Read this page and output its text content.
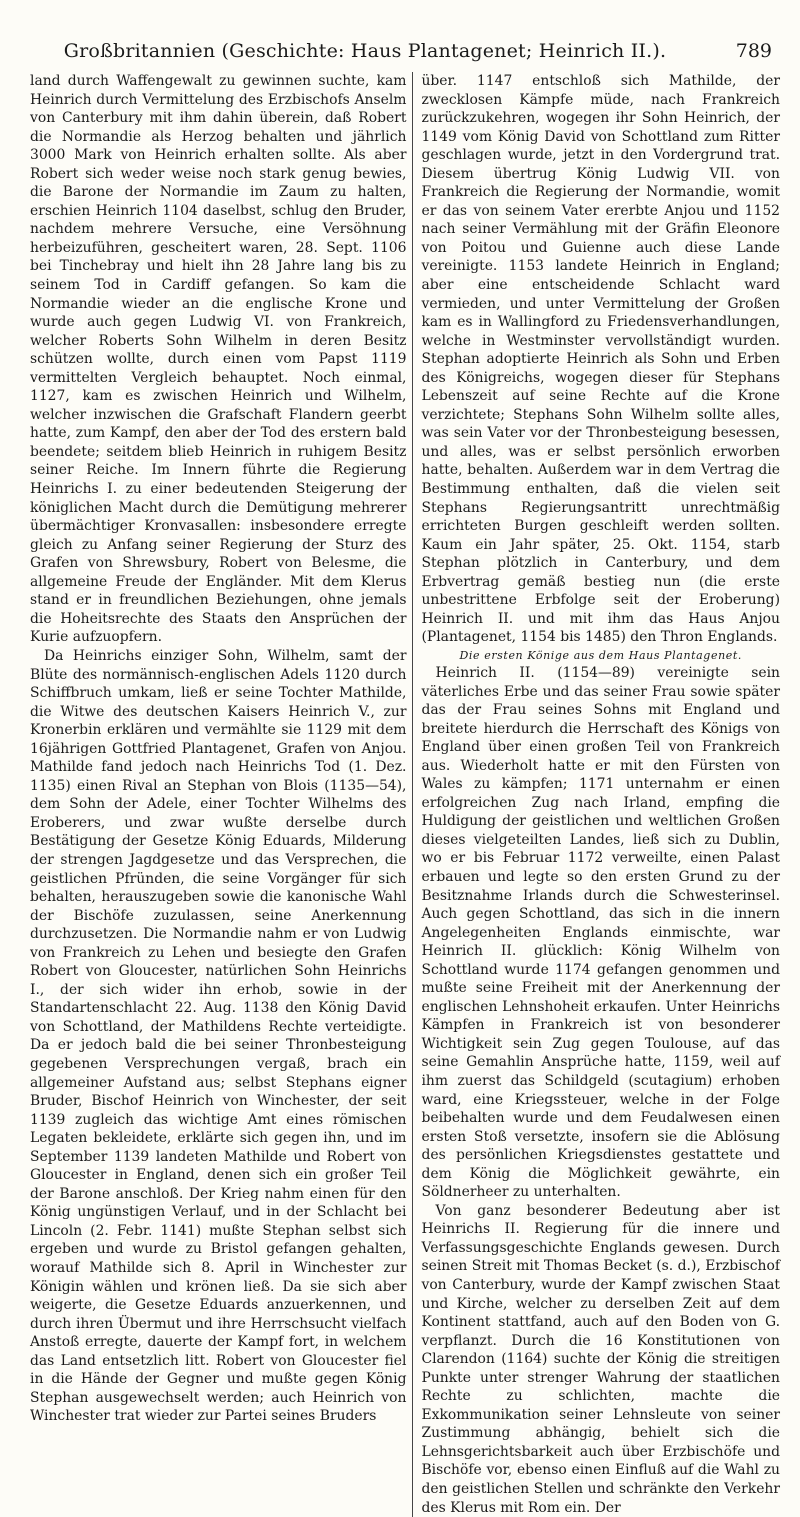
Großbritannien (Geschichte: Haus Plantagenet; Heinrich II.).	789

land durch Waffengewalt zu gewinnen suchte, kam Heinrich durch Vermittelung des Erzbischofs Anselm von Canterbury mit ihm dahin überein, daß Robert die Normandie als Herzog behalten und jährlich 3000 Mark von Heinrich erhalten sollte. Als aber Robert sich weder weise noch stark genug bewies, die Barone der Normandie im Zaum zu halten, erschien Heinrich 1104 daselbst, schlug den Bruder, nachdem mehrere Versuche, eine Versöhnung herbeizuführen, gescheitert waren, 28. Sept. 1106 bei Tinchebray und hielt ihn 28 Jahre lang bis zu seinem Tod in Cardiff gefangen. So kam die Normandie wieder an die englische Krone und wurde auch gegen Ludwig VI. von Frankreich, welcher Roberts Sohn Wilhelm in deren Besitz schützen wollte, durch einen vom Papst 1119 vermittelten Vergleich behauptet. Noch einmal, 1127, kam es zwischen Heinrich und Wilhelm, welcher inzwischen die Grafschaft Flandern geerbt hatte, zum Kampf, den aber der Tod des erstern bald beendete; seitdem blieb Heinrich in ruhigem Besitz seiner Reiche. Im Innern führte die Regierung Heinrichs I. zu einer bedeutenden Steigerung der königlichen Macht durch die Demütigung mehrerer übermächtiger Kronvasallen: insbesondere erregte gleich zu Anfang seiner Regierung der Sturz des Grafen von Shrewsbury, Robert von Belesme, die allgemeine Freude der Engländer. Mit dem Klerus stand er in freundlichen Beziehungen, ohne jemals die Hoheitsrechte des Staats den Ansprüchen der Kurie aufzuopfern.

Da Heinrichs einziger Sohn, Wilhelm, samt der Blüte des normännisch-englischen Adels 1120 durch Schiffbruch umkam, ließ er seine Tochter Mathilde, die Witwe des deutschen Kaisers Heinrich V., zur Kronerbin erklären und vermählte sie 1129 mit dem 16jährigen Gottfried Plantagenet, Grafen von Anjou. Mathilde fand jedoch nach Heinrichs Tod (1. Dez. 1135) einen Rival an Stephan von Blois (1135—54), dem Sohn der Adele, einer Tochter Wilhelms des Eroberers, und zwar wußte derselbe durch Bestätigung der Gesetze König Eduards, Milderung der strengen Jagdgesetze und das Versprechen, die geistlichen Pfründen, die seine Vorgänger für sich behalten, herauszugeben sowie die kanonische Wahl der Bischöfe zuzulassen, seine Anerkennung durchzusetzen. Die Normandie nahm er von Ludwig von Frankreich zu Lehen und besiegte den Grafen Robert von Gloucester, natürlichen Sohn Heinrichs I., der sich wider ihn erhob, sowie in der Standartenschlacht 22. Aug. 1138 den König David von Schottland, der Mathildens Rechte verteidigte. Da er jedoch bald die bei seiner Thronbesteigung gegebenen Versprechungen vergaß, brach ein allgemeiner Aufstand aus; selbst Stephans eigner Bruder, Bischof Heinrich von Winchester, der seit 1139 zugleich das wichtige Amt eines römischen Legaten bekleidete, erklärte sich gegen ihn, und im September 1139 landeten Mathilde und Robert von Gloucester in England, denen sich ein großer Teil der Barone anschloß. Der Krieg nahm einen für den König ungünstigen Verlauf, und in der Schlacht bei Lincoln (2. Febr. 1141) mußte Stephan selbst sich ergeben und wurde zu Bristol gefangen gehalten, worauf Mathilde sich 8. April in Winchester zur Königin wählen und krönen ließ. Da sie sich aber weigerte, die Gesetze Eduards anzuerkennen, und durch ihren Übermut und ihre Herrschsucht vielfach Anstoß erregte, dauerte der Kampf fort, in welchem das Land entsetzlich litt. Robert von Gloucester fiel in die Hände der Gegner und mußte gegen König Stephan ausgewechselt werden; auch Heinrich von Winchester trat wieder zur Partei seines Bruders

über. 1147 entschloß sich Mathilde, der zwecklosen Kämpfe müde, nach Frankreich zurückzukehren, wogegen ihr Sohn Heinrich, der 1149 vom König David von Schottland zum Ritter geschlagen wurde, jetzt in den Vordergrund trat. Diesem übertrug König Ludwig VII. von Frankreich die Regierung der Normandie, womit er das von seinem Vater ererbte Anjou und 1152 nach seiner Vermählung mit der Gräfin Eleonore von Poitou und Guienne auch diese Lande vereinigte. 1153 landete Heinrich in England; aber eine entscheidende Schlacht ward vermieden, und unter Vermittelung der Großen kam es in Wallingford zu Friedensverhandlungen, welche in Westminster vervollständigt wurden. Stephan adoptierte Heinrich als Sohn und Erben des Königreichs, wogegen dieser für Stephans Lebenszeit auf seine Rechte auf die Krone verzichtete; Stephans Sohn Wilhelm sollte alles, was sein Vater vor der Thronbesteigung besessen, und alles, was er selbst persönlich erworben hatte, behalten. Außerdem war in dem Vertrag die Bestimmung enthalten, daß die vielen seit Stephans Regierungsantritt unrechtmäßig errichteten Burgen geschleift werden sollten. Kaum ein Jahr später, 25. Okt. 1154, starb Stephan plötzlich in Canterbury, und dem Erbvertrag gemäß bestieg nun (die erste unbestrittene Erbfolge seit der Eroberung) Heinrich II. und mit ihm das Haus Anjou (Plantagenet, 1154 bis 1485) den Thron Englands.

Die ersten Könige aus dem Haus Plantagenet.

Heinrich II. (1154—89) vereinigte sein väterliches Erbe und das seiner Frau sowie später das der Frau seines Sohns mit England und breitete hierdurch die Herrschaft des Königs von England über einen großen Teil von Frankreich aus. Wiederholt hatte er mit den Fürsten von Wales zu kämpfen; 1171 unternahm er einen erfolgreichen Zug nach Irland, empfing die Huldigung der geistlichen und weltlichen Großen dieses vielgeteilten Landes, ließ sich zu Dublin, wo er bis Februar 1172 verweilte, einen Palast erbauen und legte so den ersten Grund zu der Besitznahme Irlands durch die Schwesterinsel. Auch gegen Schottland, das sich in die innern Angelegenheiten Englands einmischte, war Heinrich II. glücklich: König Wilhelm von Schottland wurde 1174 gefangen genommen und mußte seine Freiheit mit der Anerkennung der englischen Lehnshoheit erkaufen. Unter Heinrichs Kämpfen in Frankreich ist von besonderer Wichtigkeit sein Zug gegen Toulouse, auf das seine Gemahlin Ansprüche hatte, 1159, weil auf ihm zuerst das Schildgeld (scutagium) erhoben ward, eine Kriegssteuer, welche in der Folge beibehalten wurde und dem Feudalwesen einen ersten Stoß versetzte, insofern sie die Ablösung des persönlichen Kriegsdienstes gestattete und dem König die Möglichkeit gewährte, ein Söldnerheer zu unterhalten.

Von ganz besonderer Bedeutung aber ist Heinrichs II. Regierung für die innere und Verfassungsgeschichte Englands gewesen. Durch seinen Streit mit Thomas Becket (s. d.), Erzbischof von Canterbury, wurde der Kampf zwischen Staat und Kirche, welcher zu derselben Zeit auf dem Kontinent stattfand, auch auf den Boden von G. verpflanzt. Durch die 16 Konstitutionen von Clarendon (1164) suchte der König die streitigen Punkte unter strenger Wahrung der staatlichen Rechte zu schlichten, machte die Exkommunikation seiner Lehnsleute von seiner Zustimmung abhängig, behielt sich die Lehnsgerichtsbarkeit auch über Erzbischöfe und Bischöfe vor, ebenso einen Einfluß auf die Wahl zu den geistlichen Stellen und schränkte den Verkehr des Klerus mit Rom ein. Der
